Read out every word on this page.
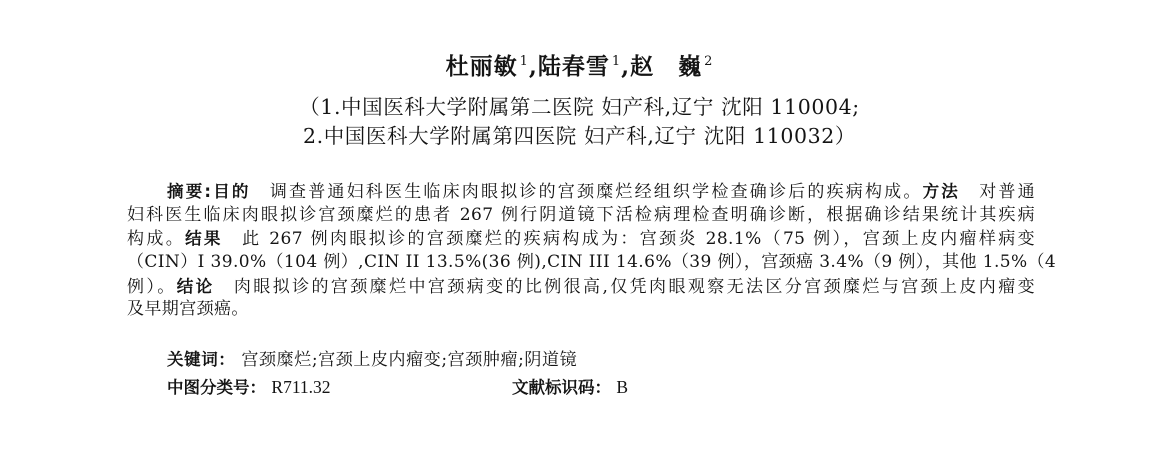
杜丽敏 $^1$,陆春雪 $^1$,赵　巍 $^2$
（1.中国医科大学附属第二医院 妇产科,辽宁 沈阳 110004;
2.中国医科大学附属第四医院 妇产科,辽宁 沈阳 110032）
摘要:目的　 调查普通妇科医生临床肉眼拟诊的宫颈糜烂经组织学检查确诊后的疾病构成。方法　 对普通
妇科医生临床肉眼拟诊宫颈糜烂的患者 267 例行阴道镜下活检病理检查明确诊断，根据确诊结果统计其疾病
构成。结果　 此 267 例肉眼拟诊的宫颈糜烂的疾病构成为：宫颈炎 28.1%（75 例），宫颈上皮内瘤样病变
（CIN）I 39.0%（104 例）,CIN II 13.5%(36 例),CIN III 14.6%（39 例），宫颈癌 3.4%（9 例），其他 1.5%（4
例）。结论　 肉眼拟诊的宫颈糜烂中宫颈病变的比例很高,仅凭肉眼观察无法区分宫颈糜烂与宫颈上皮内瘤变
及早期宫颈癌。
关键词： 宫颈糜烂;宫颈上皮内瘤变;宫颈肿瘤;阴道镜
中图分类号： R711.32	文献标识码： B
